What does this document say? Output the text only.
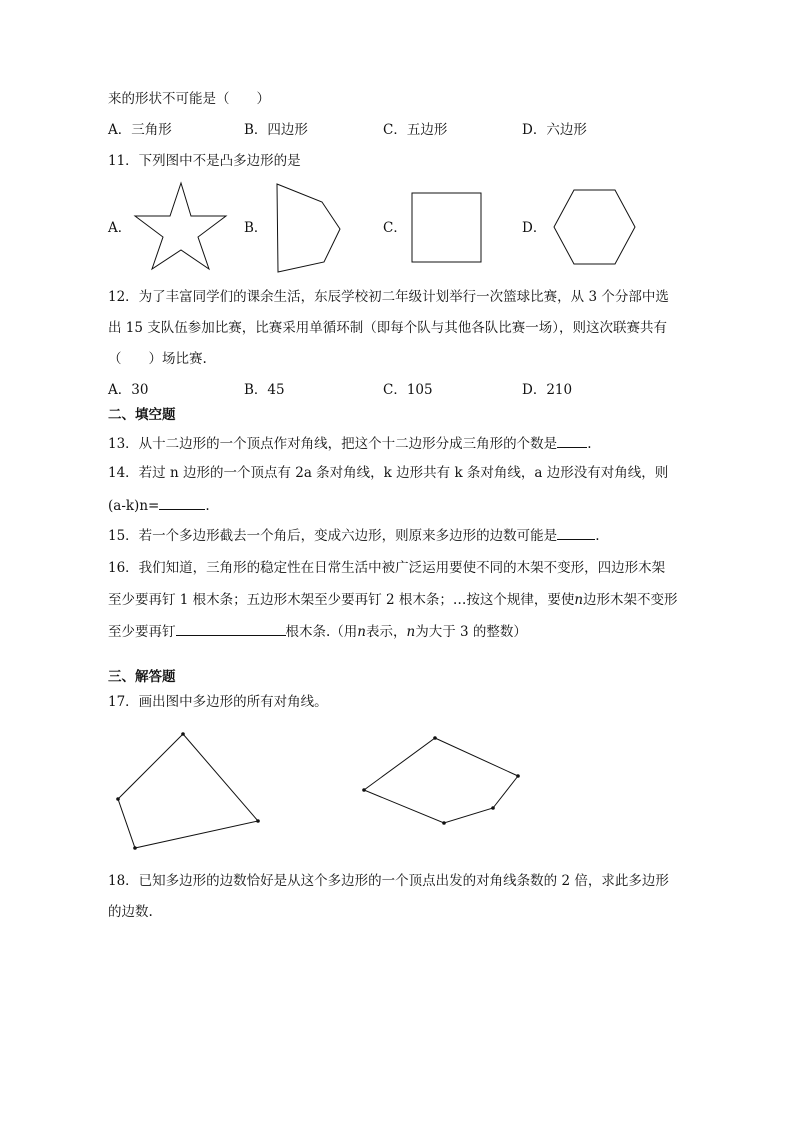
来的形状不可能是（　　）
A．三角形	B．四边形	C．五边形	D．六边形
11．下列图中不是凸多边形的是
A．	B．	C．	D．
12．为了丰富同学们的课余生活，东辰学校初二年级计划举行一次篮球比赛，从 3 个分部中选
出 15 支队伍参加比赛，比赛采用单循环制（即每个队与其他各队比赛一场），则这次联赛共有
（　　）场比赛.
A．30	B．45	C．105	D．210
二、填空题
13．从十二边形的一个顶点作对角线，把这个十二边形分成三角形的个数是 .
14．若过 n 边形的一个顶点有 2a 条对角线，k 边形共有 k 条对角线，a 边形没有对角线，则
(a-k)n=	.
15．若一个多边形截去一个角后，变成六边形，则原来多边形的边数可能是	.
16．我们知道，三角形的稳定性在日常生活中被广泛运用要使不同的木架不变形，四边形木架
至少要再钉 1 根木条；五边形木架至少要再钉 2 根木条；…按这个规律，要使n边形木架不变形
至少要再钉	根木条.（用n表示，n为大于 3 的整数）
三、解答题
17．画出图中多边形的所有对角线。
18．已知多边形的边数恰好是从这个多边形的一个顶点出发的对角线条数的 2 倍，求此多边形
的边数.
